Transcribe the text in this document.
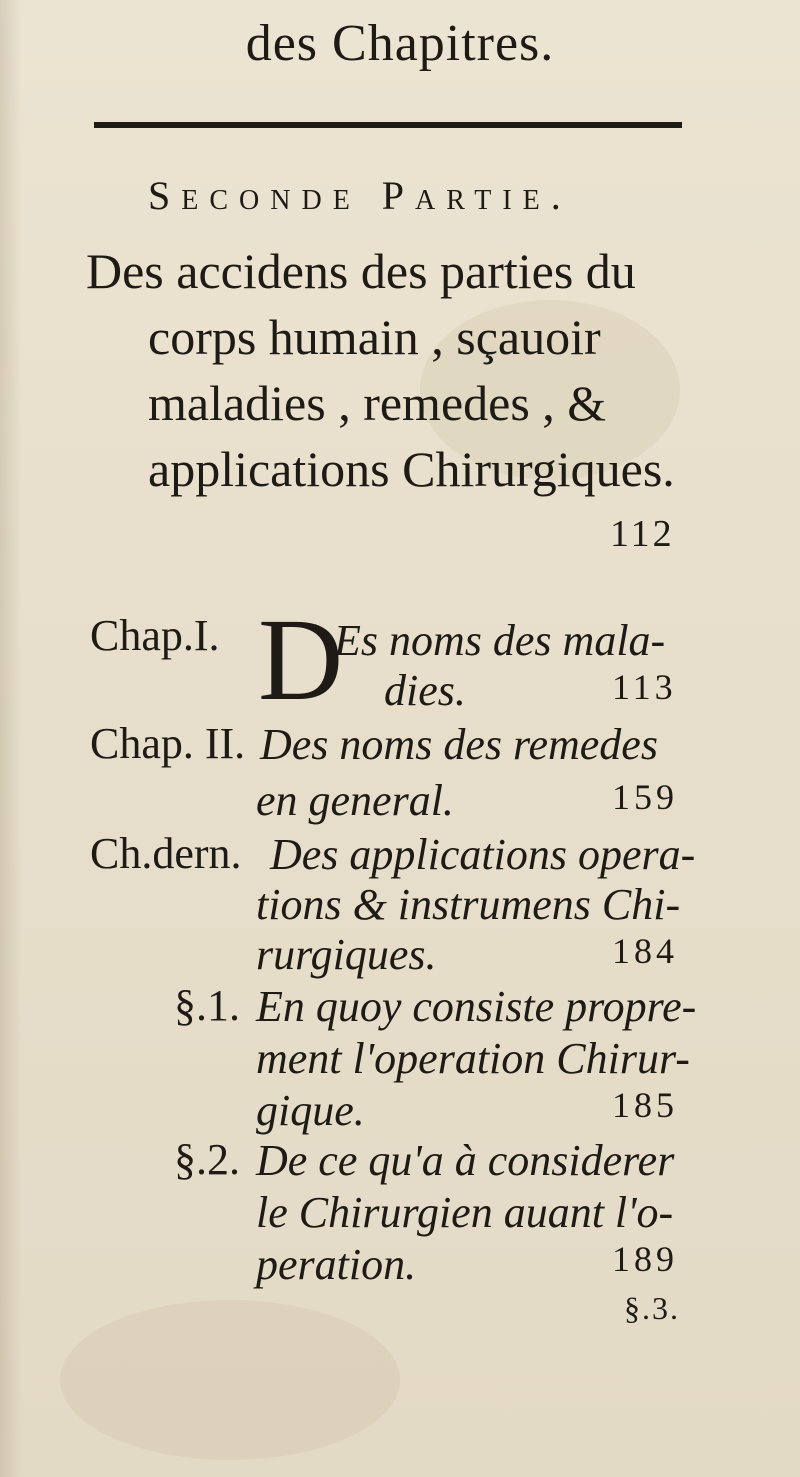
des Chapitres.
Seconde Partie.
Des accidens des parties du
corps humain , sçauoir maladies , remedes , & applications Chirurgiques.
112
Chap.I. D
Es noms des mala-
dies.	113
Chap. II. Des noms des remedes
en general.	159
Ch.dern. Des applications opera-
tions & instrumens Chi-
rurgiques.	184
§.1. En quoy consiste propre-
ment l'operation Chirur-
gique.	185
§.2. De ce qu'a à considerer
le Chirurgien auant l'o-
peration.	189
§.3.
